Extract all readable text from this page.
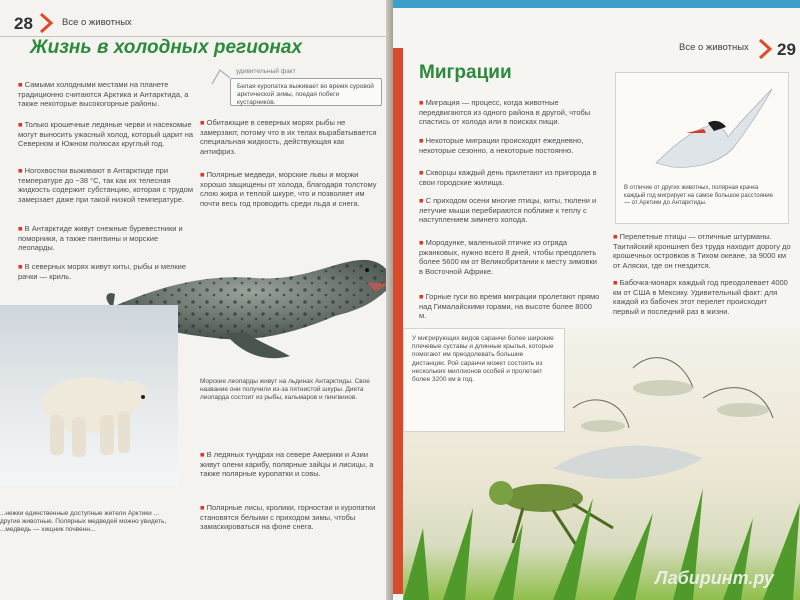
28	Все о животных
Жизнь в холодных регионах
удивительный факт
Белая куропатка выживает во время суровой арктической зимы, поедая побеги кустарников.
■ Самыми холодными местами на планете традиционно считаются Арктика и Антарктида, а также некоторые высокогорные районы.
■ Только крошечные ледяные черви и насекомые могут выносить ужасный холод, который царит на Северном и Южном полюсах круглый год.
■ Ногохвостки выживают в Антарктиде при температуре до −38 °С, так как их телесная жидкость содержит субстанцию, которая с трудом замерзает даже при такой низкой температуре.
■ В Антарктиде живут снежные буревестники и поморники, а также пингвины и морские леопарды.
■ В северных морях живут киты, рыбы и мелкие рачки — криль.
■ Обитающие в северных морях рыбы не замерзают, потому что в их телах вырабатывается специальная жидкость, действующая как антифриз.
■ Полярные медведи, морские львы и моржи хорошо защищены от холода, благодаря толстому слою жира и теплой шкуре, что и позволяет им почти весь год проводить среди льда и снега.
Морские леопарды живут на льдинах Антарктиды. Свое название они получили из-за пятнистой шкуры. Диета леопарда состоит из рыбы, кальмаров и пингвинов.
...нежки единственные доступные жители Арктики ... другие животные. Полярных медведей можно увидеть, ...медведь — хищник почвенн...
■ В ледяных тундрах на севере Америки и Азии живут олени карибу, полярные зайцы и лисицы, а также полярные куропатки и совы.
■ Полярные лисы, кролики, горностаи и куропатки становятся белыми с приходом зимы, чтобы замаскироваться на фоне снега.
Все о животных 29
Миграции
■ Миграция — процесс, когда животные передвигаются из одного района в другой, чтобы спастись от холода или в поисках пищи.
■ Некоторые миграции происходят ежедневно, некоторые сезонно, а некоторые постоянно.
■ Скворцы каждый день прилетают из пригорода в свои городские жилища.
■ С приходом осени многие птицы, киты, тюлени и летучие мыши перебираются поближе к теплу с наступлением зимнего холода.
■ Мородунке, маленькой птичке из отряда ржанковых, нужно всего 8 дней, чтобы преодолеть более 5600 км от Великобритании к месту зимовки в Восточной Африке.
■ Горные гуси во время миграции пролетают прямо над Гималайскими горами, на высоте более 8000 м.
В отличие от других животных, полярная крачка каждый год мигрирует на самое большое расстояние — от Арктики до Антарктиды.
■ Перелетные птицы — отличные штурманы. Таитийский кроншнеп без труда находит дорогу до крошечных островков в Тихом океане, за 9000 км от Аляски, где он гнездится.
■ Бабочка-монарх каждый год преодолевает 4000 км от США в Мексику. Удивительный факт: для каждой из бабочек этот перелет происходит первый и последний раз в жизни.
У мигрирующих видов саранчи более широкие плечевые суставы и длинные крылья, которые помогают им преодолевать большие дистанции. Рой саранчи может состоять из нескольких миллионов особей и пролетает более 3200 км в год.
Лабиринт.ру
